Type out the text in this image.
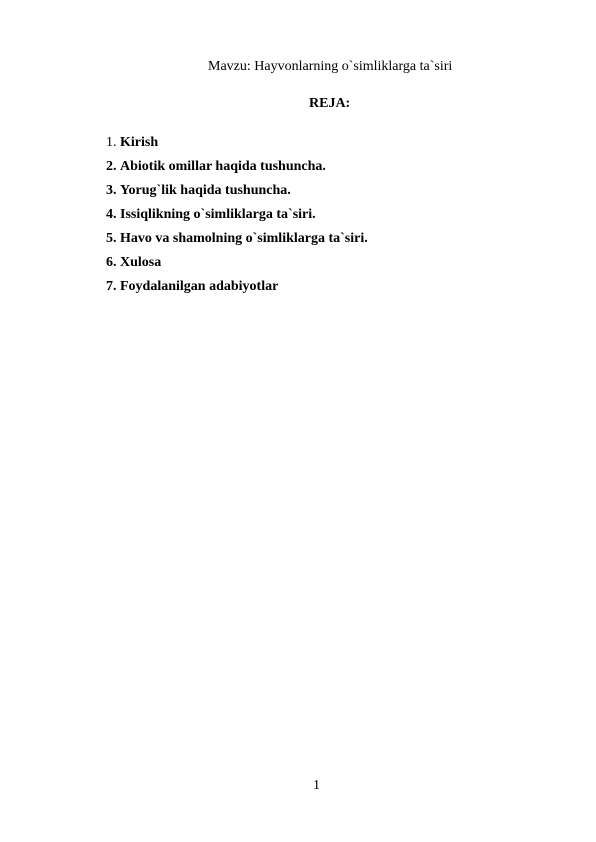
Mavzu: Hayvonlarning o`simliklarga ta`siri
REJA:
1. Kirish
2. Abiotik omillar haqida tushuncha.
3. Yorug`lik haqida tushuncha.
4. Issiqlikning o`simliklarga ta`siri.
5. Havo va shamolning o`simliklarga ta`siri.
6. Xulosa
7. Foydalanilgan adabiyotlar
1
